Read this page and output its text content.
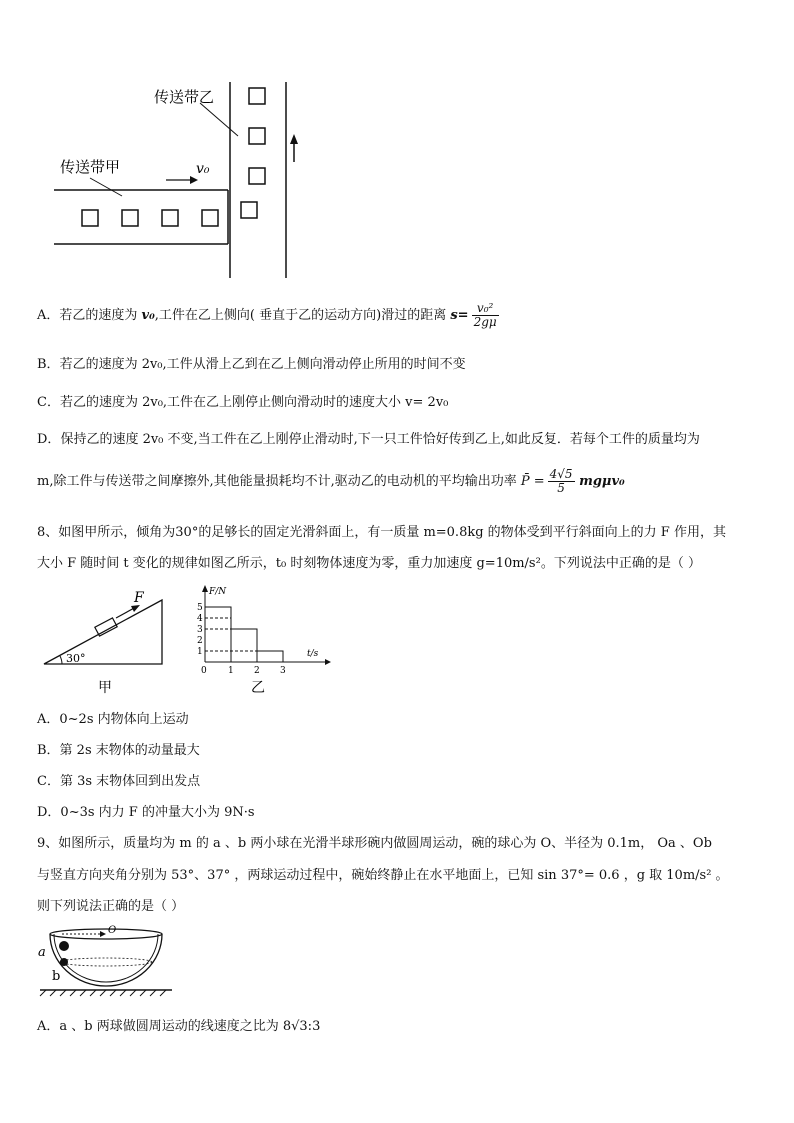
传送带乙
传送带甲	v₀
A．若乙的速度为 v₀,工件在乙上侧向( 垂直于乙的运动方向)滑过的距离 $s= \frac{\text{v₀²}}{2g\mu}$
B．若乙的速度为 2v₀,工件从滑上乙到在乙上侧向滑动停止所用的时间不变
C．若乙的速度为 2v₀,工件在乙上刚停止侧向滑动时的速度大小 v= 2v₀
D．保持乙的速度 2v₀ 不变,当工件在乙上刚停止滑动时,下一只工件恰好传到乙上,如此反复．若每个工件的质量均为
m,除工件与传送带之间摩擦外,其他能量损耗均不计,驱动乙的电动机的平均输出功率 P̄ = $\frac{4√5}{5} mg\mu v_0$
8、如图甲所示，倾角为30°的足够长的固定光滑斜面上，有一质量 m=0.8kg 的物体受到平行斜面向上的力 F 作用，其
大小 F 随时间 t 变化的规律如图乙所示，t₀ 时刻物体速度为零，重力加速度 g=10m/s²。下列说法中正确的是（ ）
F
30°
甲
F/N
t/s
5
4
3
2
1
0 1 2 3
乙
A．0~2s 内物体向上运动
B．第 2s 末物体的动量最大
C．第 3s 末物体回到出发点
D．0~3s 内力 F 的冲量大小为 9N·s
9、如图所示，质量均为 m 的 a 、b 两小球在光滑半球形碗内做圆周运动，碗的球心为 O、半径为 0.1m， Oa 、Ob
与竖直方向夹角分别为 53°、37° ，两球运动过程中，碗始终静止在水平地面上，已知 sin 37°= 0.6 ，g 取 10m/s² 。
则下列说法正确的是（ ）
O
a
b
A．a 、b 两球做圆周运动的线速度之比为 8√3:3
